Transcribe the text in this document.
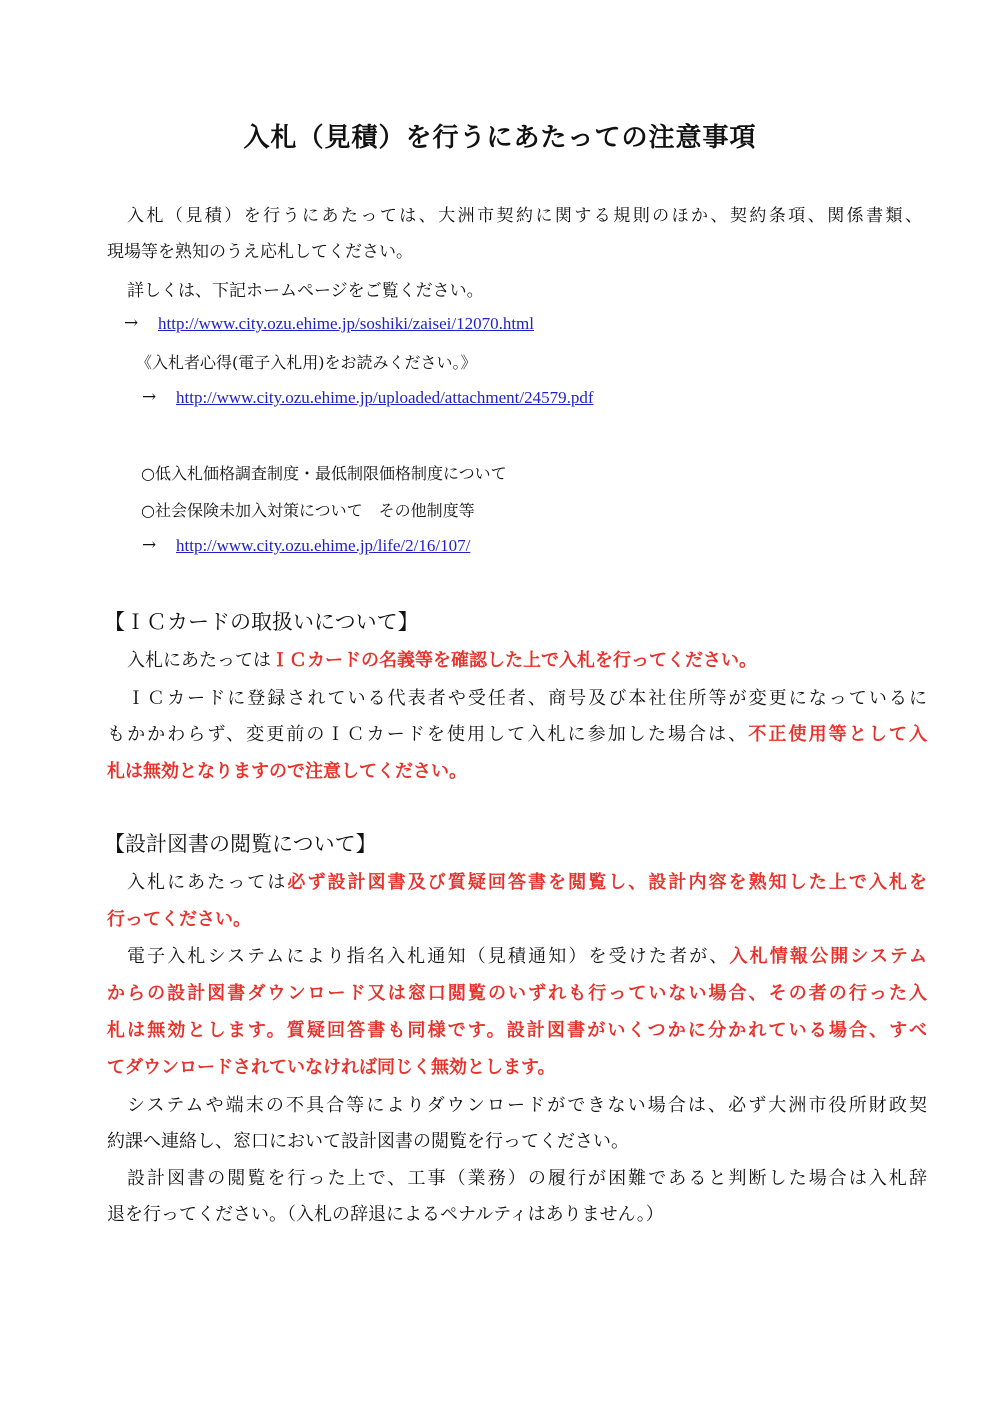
入札（見積）を行うにあたっての注意事項
入札（見積）を行うにあたっては、大洲市契約に関する規則のほか、契約条項、関係書類、
現場等を熟知のうえ応札してください。
詳しくは、下記ホームページをご覧ください。
→ http://www.city.ozu.ehime.jp/soshiki/zaisei/12070.html
《入札者心得(電子入札用)をお読みください。》
→ http://www.city.ozu.ehime.jp/uploaded/attachment/24579.pdf
○低入札価格調査制度・最低制限価格制度について
○社会保険未加入対策について　その他制度等
→ http://www.city.ozu.ehime.jp/life/2/16/107/
【ＩＣカードの取扱いについて】
入札にあたってはＩＣカードの名義等を確認した上で入札を行ってください。
ＩＣカードに登録されている代表者や受任者、商号及び本社住所等が変更になっているに
もかかわらず、変更前のＩＣカードを使用して入札に参加した場合は、不正使用等として入
札は無効となりますので注意してください。
【設計図書の閲覧について】
入札にあたっては必ず設計図書及び質疑回答書を閲覧し、設計内容を熟知した上で入札を
行ってください。
電子入札システムにより指名入札通知（見積通知）を受けた者が、入札情報公開システム
からの設計図書ダウンロード又は窓口閲覧のいずれも行っていない場合、その者の行った入
札は無効とします。質疑回答書も同様です。設計図書がいくつかに分かれている場合、すべ
てダウンロードされていなければ同じく無効とします。
システムや端末の不具合等によりダウンロードができない場合は、必ず大洲市役所財政契
約課へ連絡し、窓口において設計図書の閲覧を行ってください。
設計図書の閲覧を行った上で、工事（業務）の履行が困難であると判断した場合は入札辞
退を行ってください。（入札の辞退によるペナルティはありません。）
